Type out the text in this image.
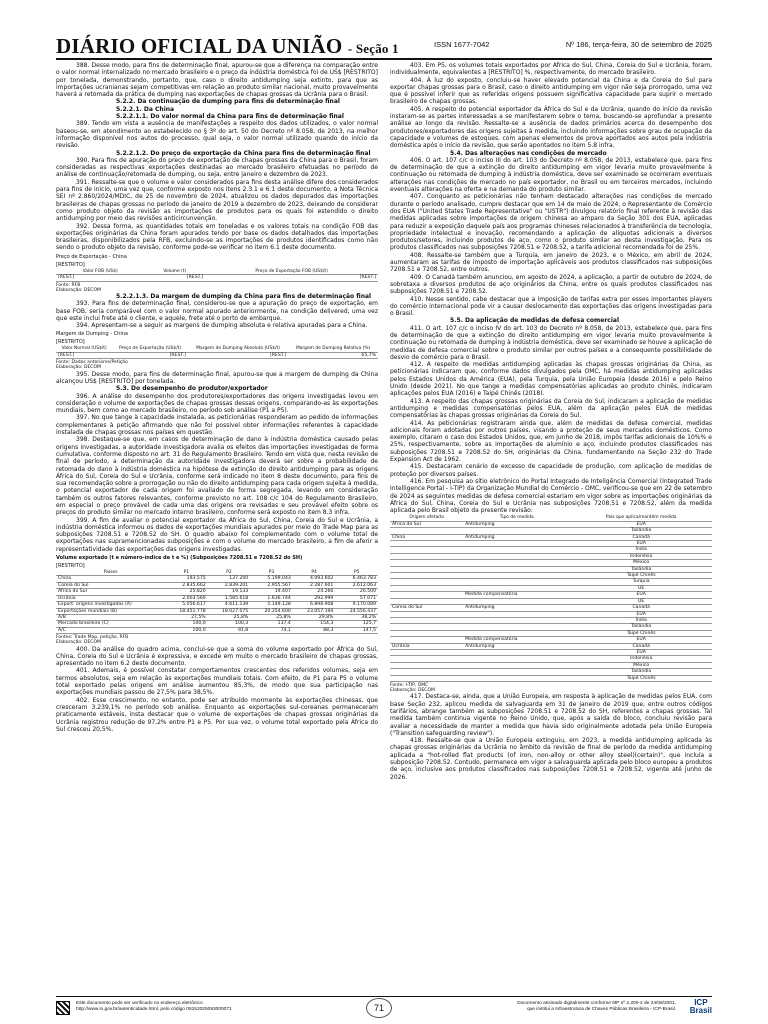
DIÁRIO OFICIAL DA UNIÃO - Seção 1	ISSN 1677-7042	Nº 186, terça-feira, 30 de setembro de 2025

388. Desse modo, para fins de determinação final, apurou-se que a diferença na comparação entre o valor normal internalizado no mercado brasileiro e o preço da indústria doméstica foi de US$ [RESTRITO] por tonelada, demonstrando, portanto, que, caso o direito antidumping seja extinto, para que as importações ucranianas sejam competitivas em relação ao produto similar nacional, muito provavelmente haverá a retomada da prática de dumping nas exportações de chapas grossas da Ucrânia para o Brasil.

5.2.2. Da continuação de dumping para fins de determinação final

5.2.2.1. Da China

5.2.2.1.1. Do valor normal da China para fins de determinação final

389. Tendo em vista a ausência de manifestações a respeito dos dados utilizados, o valor normal baseou-se, em atendimento ao estabelecido no § 3º do art. 50 do Decreto nº 8.058, de 2013, na melhor informação disponível nos autos do processo, qual seja, o valor normal utilizado quando do início da revisão.

5.2.2.1.2. Do preço de exportação da China para fins de determinação final

390. Para fins de apuração do preço de exportação de chapas grossas da China para o Brasil, foram consideradas as respectivas exportações destinadas ao mercado brasileiro efetuadas no período de análise de continuação/retomada de dumping, ou seja, entre janeiro e dezembro de 2023.

391. Ressalte-se que o volume e valor considerados para fins desta análise difere dos considerados para fins de início, uma vez que, conforme exposto nos itens 2.3.1 e 6.1 deste documento, a Nota Técnica SEI nº 2.860/2024/MDIC, de 25 de novembro de 2024, atualizou os dados depurados das importações brasileiras de chapas grossas no período de janeiro de 2019 a dezembro de 2023, deixando de considerar como produto objeto da revisão as importações de produtos para os quais foi estendido o direito antidumping por meio das revisões anticircunvenção.

392. Dessa forma, as quantidades totais em toneladas e os valores totais na condição FOB das exportações originárias da China foram apurados tendo por base os dados detalhados das importações brasileiras, disponibilizados pela RFB, excluindo-se as importações de produtos identificados como não sendo o produto objeto da revisão, conforme pode-se verificar no item 6.1 deste documento.

Preço de Exportação - China
[RESTRITO]
Valor FOB (US$)	Volume (t)	Preço de Exportação FOB (US$/t)
[REST.]	[REST.]	[REST.]
Fonte: RFB
Elaboração: DECOM

5.2.2.1.3. Da margem de dumping da China para fins de determinação final

393. Para fins de determinação final, considerou-se que a apuração do preço de exportação, em base FOB, seria comparável com o valor normal apurado anteriormente, na condição delivered, uma vez que este inclui frete até o cliente, e aquele, frete até o porto de embarque.

394. Apresentam-se a seguir as margens de dumping absoluta e relativa apuradas para a China.

Margem de Dumping - China
[RESTRITO]
Valor Normal (US$/t)	Preço de Exportação (US$/t)	Margem de Dumping Absoluta (US$/t)	Margem de Dumping Relativa (%)
[REST.]	[REST.]	[REST.]	65,7%
Fonte: Dados anteriores/Petição
Elaboração: DECOM

395. Desse modo, para fins de determinação final, apurou-se que a margem de dumping da China alcançou US$ [RESTRITO] por tonelada.

5.3. Do desempenho do produtor/exportador

396. A análise do desempenho dos produtores/exportadores das origens investigadas levou em consideração o volume de exportações de chapas grossas dessas origens, comparando-as às exportações mundiais, bem como ao mercado brasileiro, no período sob análise (P1 a P5).

397. No que tange à capacidade instalada, as peticionárias responderam ao pedido de informações complementares à petição afirmando que não foi possível obter informações referentes à capacidade instalada de chapas grossas nos países em questão.

398. Destaque-se que, em casos de determinação de dano à indústria doméstica causado pelas origens investigadas, a autoridade investigadora avalia os efeitos das importações investigadas de forma cumulativa, conforme disposto no art. 31 do Regulamento Brasileiro. Tendo em vista que, nesta revisão de final de período, a determinação da autoridade investigadora deverá ser sobre a probabilidade de retomada do dano à indústria doméstica na hipótese de extinção do direito antidumping para as origens África do Sul, Coreia do Sul e Ucrânia, conforme será indicado no item 8 deste documento, para fins de sua recomendação sobre a prorrogação ou não do direito antidumping para cada origem sujeita à medida, o potencial exportador de cada origem foi avaliado de forma segregada, levando em consideração também os outros fatores relevantes, conforme previsto no art. 108 c/c 104 do Regulamento Brasileiro, em especial o preço provável de cada uma das origens ora revisadas e seu provável efeito sobre os preços do produto similar no mercado interno brasileiro, conforme será exposto no item 8.3 infra.

399. A fim de avaliar o potencial exportador da África do Sul, China, Coreia do Sul e Ucrânia, a indústria doméstica informou os dados de exportações mundiais apurados por meio do Trade Map para as subposições 7208.51 e 7208.52 do SH. O quadro abaixo foi complementado com o volume total de exportações nas supramencionadas subposições e com o volume do mercado brasileiro, a fim de aferir a representatividade das exportações das origens investigadas.

Volume exportado (t e número-índice de t e %) (Subposições 7208.51 e 7208.52 do SH)
[RESTRITO]
Países	P1	P2	P3	P4	P5
China	193.575	137.200	5.199.043	4.093.602	6.463.783
Coreia do Sul	2.835.662	2.839.201	2.955.567	2.287.601	2.612.063
África do Sul	25.820	19.133	19.407	24.266	26.500
Ucrânia	2.003.560	1.585.618	1.636.744	292.999	57.071
Export. origens investigadas (A)	5.056.617	4.611.139	5.149.128	6.898.908	9.170.089
Exportações mundiais (B)	18.451.778	18.027.075	20.354.600	23.057.194	24.556.437
A/B	27,5%	25,8%	25,8%	29,8%	38,2%
Mercado brasileiro (C)	100,0	100,3	137,4	154,3	125,7
A/C	100,0	91,8	74,1	88,3	147,5
Fontes: Trade Map, petição, RFB
Elaboração: DECOM

400. Da análise do quadro acima, conclui-se que a soma do volume exportado por África do Sul, China, Coreia do Sul e Ucrânia é expressiva, e excede em muito o mercado brasileiro de chapas grossas, apresentado no item 6.2 deste documento.

401. Ademais, é possível constatar comportamentos crescentes dos referidos volumes, seja em termos absolutos, seja em relação às exportações mundiais totais. Com efeito, de P1 para P5 o volume total exportado pelas origens em análise aumentou 85,3%, de modo que sua participação nas exportações mundiais passou de 27,5% para 38,5%.

402. Esse crescimento, no entanto, pode ser atribuído mormente às exportações chinesas, que cresceram 3.239,1% no período sob análise. Enquanto as exportações sul-coreanas permaneceram praticamente estáveis, insta destacar que o volume de exportações de chapas grossas originárias da Ucrânia registrou redução de 97,2% entre P1 e P5. Por sua vez, o volume total exportado pela África do Sul cresceu 20,5%.

403. Em P5, os volumes totais exportados por África do Sul, China, Coreia do Sul e Ucrânia, foram, individualmente, equivalentes a [RESTRITO] %, respectivamente, do mercado brasileiro.

404. À luz do exposto, concluiu-se haver elevado potencial da China e da Coreia do Sul para exportar chapas grossas para o Brasil, caso o direito antidumping em vigor não seja prorrogado, uma vez que é possível inferir que as referidas origens possuem significativa capacidade para suprir o mercado brasileiro de chapas grossas.

405. A respeito do potencial exportador da África do Sul e da Ucrânia, quando do início da revisão instaram-se as partes interessadas a se manifestarem sobre o tema, buscando-se aprofundar a presente análise ao longo da revisão. Ressalte-se a ausência de dados primários acerca do desempenho dos produtores/exportadores das origens sujeitas à medida, incluindo informações sobre grau de ocupação da capacidade e volumes de estoques, com apenas elementos de prova aportados aos autos pela indústria doméstica após o início da revisão, que serão apontados no item 5.8 infra.

5.4. Das alterações nas condições de mercado

406. O art. 107 c/c o inciso III do art. 103 do Decreto nº 8.058, de 2013, estabelece que, para fins de determinação de que a extinção do direito antidumping em vigor levaria muito provavelmente à continuação ou retomada de dumping à indústria doméstica, deve ser examinado se ocorreram eventuais alterações nas condições de mercado no país exportador, no Brasil ou em terceiros mercados, incluindo eventuais alterações na oferta e na demanda do produto similar.

407. Conquanto as peticionárias não tenham destacado alterações nas condições de mercado durante o período analisado, cumpre destacar que em 14 de maio de 2024, o Representante de Comércio dos EUA ("United States Trade Representative" ou "USTR") divulgou relatório final referente à revisão das medidas aplicadas sobre importações de origem chinesa ao amparo da Seção 301 dos EUA, aplicadas para reduzir a exposição daquele país aos programas chineses relacionados à transferência de tecnologia, propriedade intelectual e inovação, recomendando a aplicação de alíquotas adicionais a diversos produtos/setores, incluindo produtos de aço, como o produto similar ao desta investigação. Para os produtos classificados nas subposições 7208.51 e 7208.52, a tarifa adicional recomendada foi de 25%.

408. Ressalte-se também que a Turquia, em janeiro de 2023, e o México, em abril de 2024, aumentaram as tarifas de imposto de importação aplicáveis aos produtos classificados nas subposições 7208.51 e 7208.52, entre outros.

409. O Canadá também anunciou, em agosto de 2024, a aplicação, a partir de outubro de 2024, de sobretaxa a diversos produtos de aço originários da China, entre os quais produtos classificados nas subposições 7208.51 e 7208.52.

410. Nesse sentido, cabe destacar que a imposição de tarifas extra por esses importantes players do comércio internacional pode vir a causar deslocamento das exportações das origens investigadas para o Brasil.

5.5. Da aplicação de medidas de defesa comercial

411. O art. 107 c/c o inciso IV do art. 103 do Decreto nº 8.058, de 2013, estabelece que, para fins de determinação de que a extinção do direito antidumping em vigor levaria muito provavelmente à continuação ou retomada de dumping à indústria doméstica, deve ser examinado se houve a aplicação de medidas de defesa comercial sobre o produto similar por outros países e a consequente possibilidade de desvio de comércio para o Brasil.

412. A respeito de medidas antidumping aplicadas às chapas grossas originárias da China, as peticionárias indicaram que, conforme dados divulgados pela OMC, há medidas antidumping aplicadas pelos Estados Unidos da América (EUA), pela Turquia, pela União Europeia (desde 2016) e pelo Reino Unido (desde 2021). No que tange a medidas compensatórias aplicadas ao produto chinês, indicaram aplicações pelos EUA (2016) e Taipé Chinês (2018).

413. A respeito das chapas grossas originárias da Coreia do Sul, indicaram a aplicação de medidas antidumping e medidas compensatórias pelos EUA, além da aplicação pelos EUA de medidas compensatórias às chapas grossas originárias da Coreia do Sul.

414. As peticionárias registraram ainda que, além de medidas de defesa comercial, medidas adicionais foram adotadas por outros países, visando a proteção de seus mercados domésticos. Como exemplo, citaram o caso dos Estados Unidos, que, em junho de 2018, impôs tarifas adicionais de 10%% e 25%, respectivamente, sobre as importações de alumínio e aço, incluindo produtos classificados nas subposições 7208.51 e 7208.52 do SH, originárias da China, fundamentando na Seção 232 do Trade Expansion Act de 1962.

415. Destacaram cenário de excesso de capacidade de produção, com aplicação de medidas de proteção por diversos países.

416. Em pesquisa ao sítio eletrônico do Portal Integrado de Inteligência Comercial (Integrated Trade Intelligence Portal - I-TIP) da Organização Mundial do Comércio - OMC, verificou-se que em 22 de setembro de 2024 as seguintes medidas de defesa comercial estariam em vigor sobre as importações originárias da África do Sul, China, Coreia do Sul e Ucrânia nas subposições 7208.51 e 7208.52, além da medida aplicada pelo Brasil objeto da presente revisão:

Origem afetada	Tipo de medida	País que aplica/mantém medida
África do Sul	Antidumping	EUA
		Tailândia
China	Antidumping	Canadá
		EUA
		Índia
		Indonésia
		México
		Tailândia
		Taipé Chinês
		Turquia
		UE
	Medida compensatória	EUA
		UE
Coreia do Sul	Antidumping	Canadá
		EUA
		Índia
		Tailândia
		Taipé Chinês
	Medida compensatória	EUA
Ucrânia	Antidumping	Canadá
		EUA
		Indonésia
		México
		Tailândia
		Taipé Chinês
Fonte: I-TIP, OMC
Elaboração: DECOM

417. Destaca-se, ainda, que a União Europeia, em resposta à aplicação de medidas pelos EUA, com base Seção 232, aplicou medida de salvaguarda em 31 de janeiro de 2019 que, entre outros códigos tarifários, abrange também as subposições 7208.51 e 7208.52 do SH, referentes a chapas grossas. Tal medida também continua vigente no Reino Unido, que, após a saída do bloco, concluiu revisão para avaliar a necessidade de manter a medida que havia sido originalmente adotada pela União Europeia ("Transition safeguarding review").

418. Ressalte-se que a União Europeia extinguiu, em 2023, a medida antidumping aplicada às chapas grossas originárias da Ucrânia no âmbito da revisão de final de período da medida antidumping aplicada a "hot-rolled flat products (of iron, non-alloy or other alloy steel)(certain)", que incluía a subposição 7208.52. Contudo, permanece em vigor a salvaguarda aplicada pelo bloco europeu a produtos de aço, inclusive aos produtos classificados nas subposições 7208.51 e 7208.52, vigente até junho de 2026.

Este documento pode ser verificado no endereço eletrônico
http://www.in.gov.br/autenticidade.html, pelo código 05152025093000071	71	Documento assinado digitalmente conforme MP nº 2.200-2 de 24/08/2001,
que institui a Infraestrutura de Chaves Públicas Brasileira - ICP-Brasil.
ICP
Brasil
